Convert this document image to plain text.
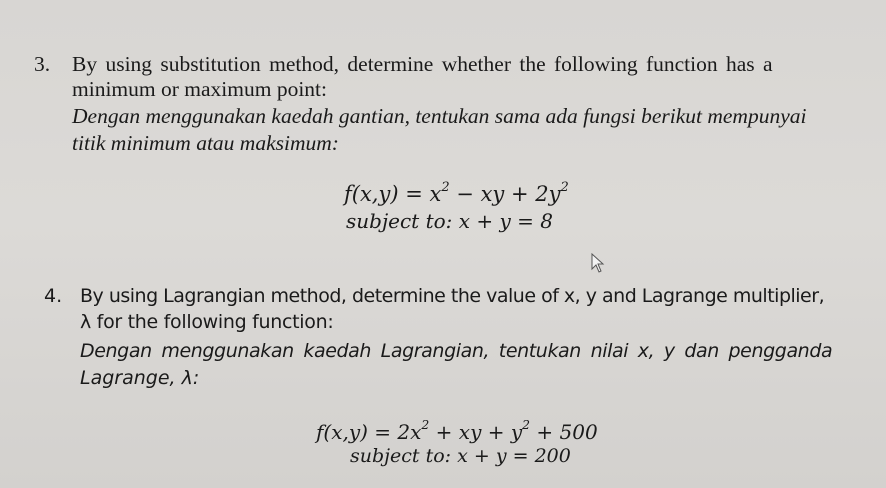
3. By using substitution method, determine whether the following function has a
minimum or maximum point:
Dengan menggunakan kaedah gantian, tentukan sama ada fungsi berikut mempunyai
titik minimum atau maksimum:
$f(x,y) = x^2$ − xy + $2y^2$
subject to: x + y = 8
4. By using Lagrangian method, determine the value of x, y and Lagrange multiplier,
λ for the following function:
Dengan menggunakan kaedah Lagrangian, tentukan nilai x, y dan pengganda
Lagrange, λ:
$f(x,y) = 2x^2$ + xy + $y^2 + 500$
subject to: x + y = 200
